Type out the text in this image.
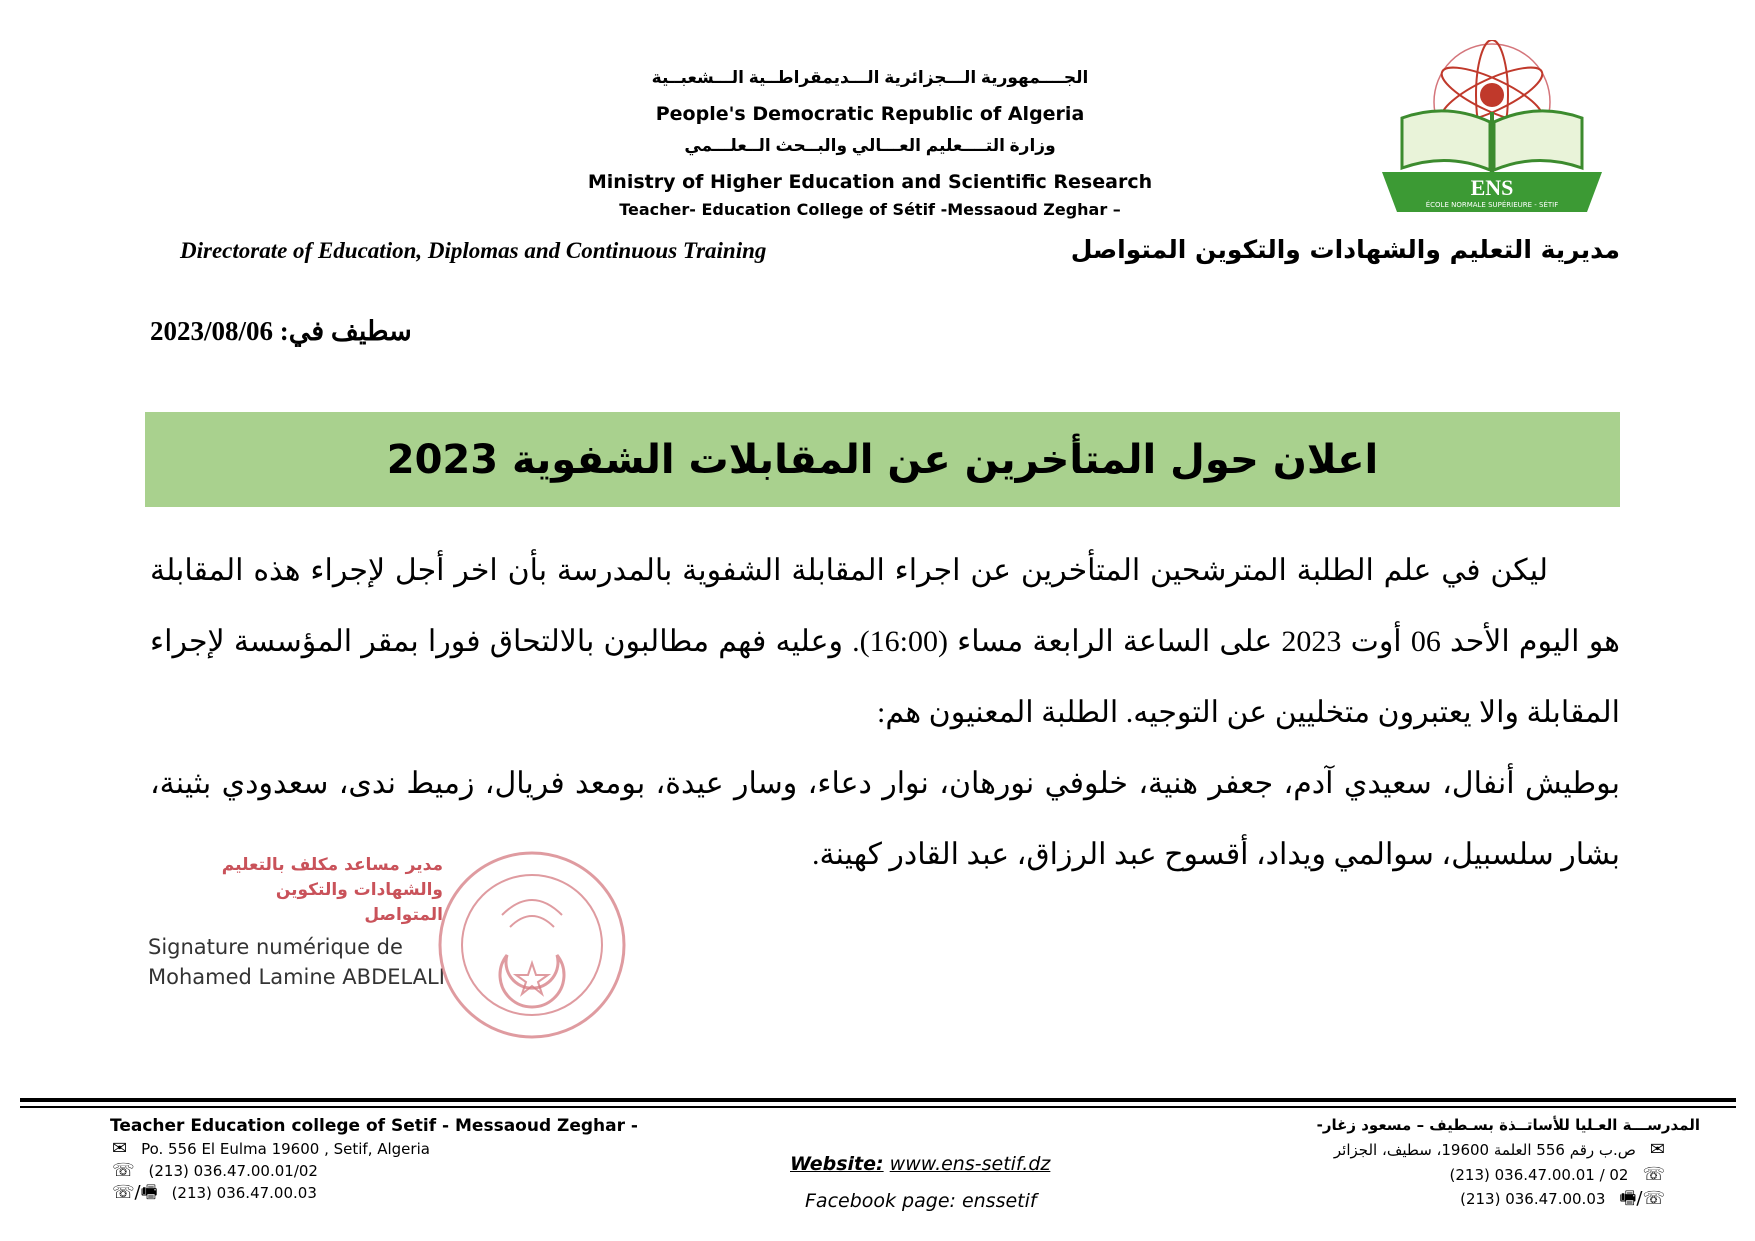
ENS
ÉCOLE NORMALE SUPÉRIEURE - SÉTIF
الجــــمهورية الـــجزائرية الـــديمقراطــية الـــشعبــية
People's Democratic Republic of Algeria
وزارة التــــعليم العـــالي والبــحث الــعلـــمي
Ministry of Higher Education and Scientific Research
Teacher- Education College of Sétif -Messaoud Zeghar –
Directorate of Education, Diplomas and Continuous Training	مديرية التعليم والشهادات والتكوين المتواصل
سطيف في: 2023/08/06
اعلان حول المتأخرين عن المقابلات الشفوية 2023

ليكن في علم الطلبة المترشحين المتأخرين عن اجراء المقابلة الشفوية بالمدرسة بأن اخر أجل لإجراء هذه المقابلة هو اليوم الأحد 06 أوت 2023 على الساعة الرابعة مساء (16:00). وعليه فهم مطالبون بالالتحاق فورا بمقر المؤسسة لإجراء المقابلة والا يعتبرون متخليين عن التوجيه. الطلبة المعنيون هم:

بوطيش أنفال، سعيدي آدم، جعفر هنية، خلوفي نورهان، نوار دعاء، وسار عيدة، بومعد فريال، زميط ندى، سعدودي بثينة، بشار سلسبيل، سوالمي ويداد، أقسوح عبد الرزاق، عبد القادر كهينة.

مدير مساعد مكلف بالتعليم
والشهادات والتكوين المتواصل
Signature numérique de
Mohamed Lamine ABDELALI
Teacher Education college of Setif - Messaoud Zeghar -
✉ Po. 556 El Eulma 19600 , Setif, Algeria
☏ (213) 036.47.00.01/02
☏/🖷 (213) 036.47.00.03
Website: www.ens-setif.dz
Facebook page: enssetif
المدرســـة العـليا للأساتــذة بسـطيف – مسعود زغار-
ص.ب رقم 556 العلمة 19600، سطيف، الجزائر ✉
(213) 036.47.00.01 / 02 ☏
(213) 036.47.00.03 🖷/☏
